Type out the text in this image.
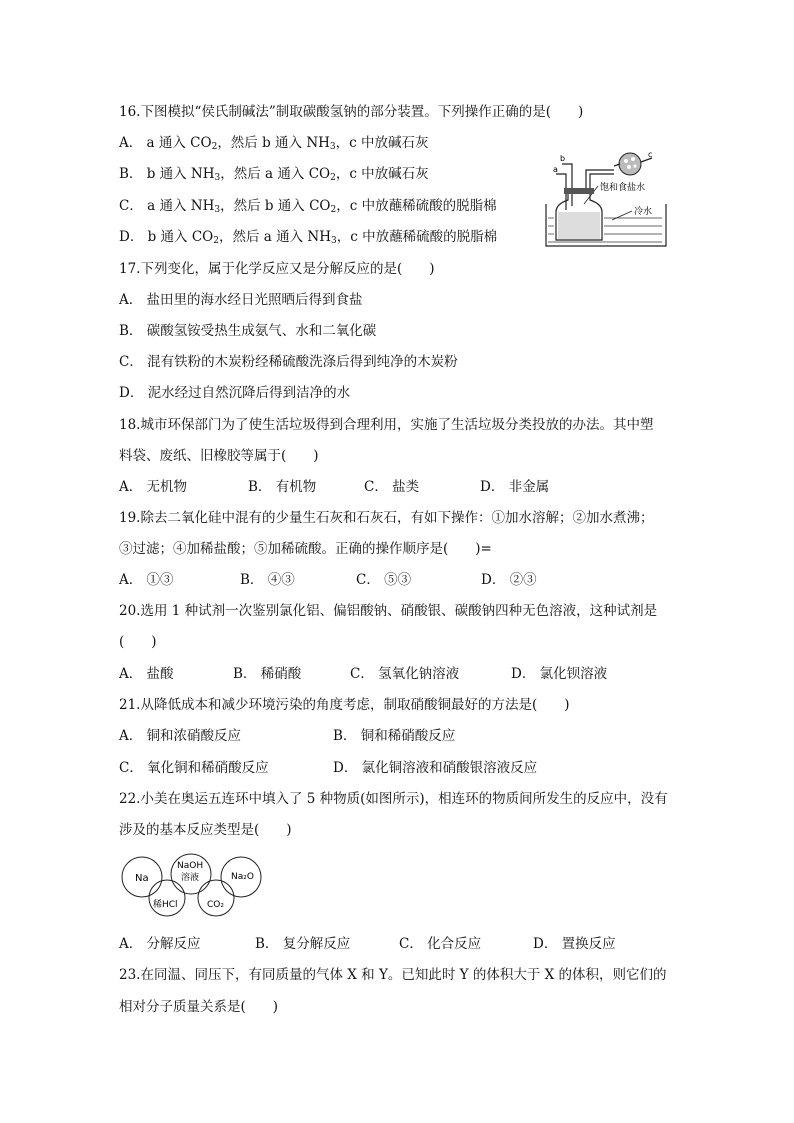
16.下图模拟“侯氏制碱法”制取碳酸氢钠的部分装置。下列操作正确的是(　　)
A． a 通入 $CO_2$，然后 b 通入 $NH_3$，c 中放碱石灰
B． b 通入 $NH_3$，然后 a 通入 $CO_2$，c 中放碱石灰
C． a 通入 $NH_3$，然后 b 通入 $CO_2$，c 中放蘸稀硫酸的脱脂棉
D． b 通入 $CO_2$，然后 a 通入 $NH_3$，c 中放蘸稀硫酸的脱脂棉
b
a
c
饱和食盐水
冷水
17.下列变化，属于化学反应又是分解反应的是(　　)
A． 盐田里的海水经日光照晒后得到食盐
B． 碳酸氢铵受热生成氨气、水和二氧化碳
C． 混有铁粉的木炭粉经稀硫酸洗涤后得到纯净的木炭粉
D． 泥水经过自然沉降后得到洁净的水
18.城市环保部门为了使生活垃圾得到合理利用，实施了生活垃圾分类投放的办法。其中塑
料袋、废纸、旧橡胶等属于(　　)
A． 无机物	B． 有机物	C． 盐类	D． 非金属
19.除去二氧化硅中混有的少量生石灰和石灰石，有如下操作：①加水溶解；②加水煮沸；
③过滤；④加稀盐酸；⑤加稀硫酸。正确的操作顺序是(　　)=
A． ①③	B． ④③	C． ⑤③	D． ②③
20.选用 1 种试剂一次鉴别氯化铝、偏铝酸钠、硝酸银、碳酸钠四种无色溶液，这种试剂是
(　　)
A． 盐酸	B． 稀硝酸	C． 氢氧化钠溶液	D． 氯化钡溶液
21.从降低成本和减少环境污染的角度考虑，制取硝酸铜最好的方法是(　　)
A． 铜和浓硝酸反应	B． 铜和稀硝酸反应
C． 氧化铜和稀硝酸反应	D． 氯化铜溶液和硝酸银溶液反应
22.小美在奥运五连环中填入了 5 种物质(如图所示)，相连环的物质间所发生的反应中，没有
涉及的基本反应类型是(　　)
Na
NaOH
溶液	Na₂O
稀HCl	CO₂
A． 分解反应	B． 复分解反应	C． 化合反应	D． 置换反应
23.在同温、同压下，有同质量的气体 X 和 Y。已知此时 Y 的体积大于 X 的体积，则它们的
相对分子质量关系是(　　)
